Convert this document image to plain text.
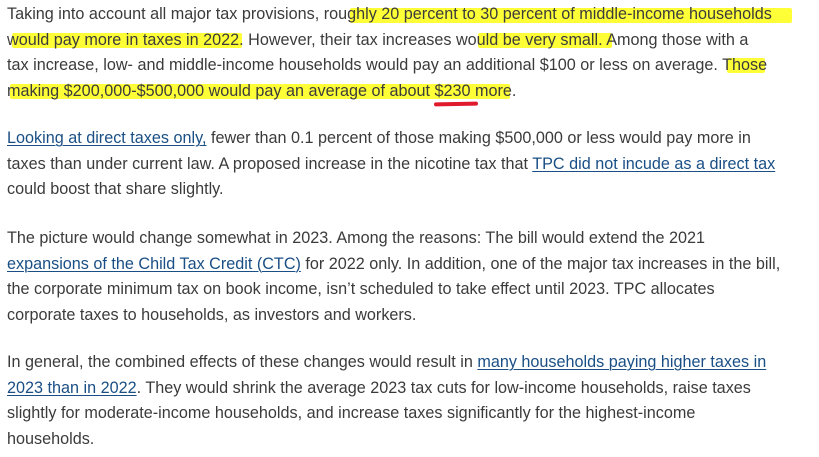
Taking into account all major tax provisions, roughly 20 percent to 30 percent of middle-income households
would pay more in taxes in 2022. However, their tax increases would be very small. Among those with a
tax increase, low- and middle-income households would pay an additional $100 or less on average. Those
making $200,000-$500,000 would pay an average of about $230 more.
Looking at direct taxes only, fewer than 0.1 percent of those making $500,000 or less would pay more in
taxes than under current law. A proposed increase in the nicotine tax that TPC did not incude as a direct tax
could boost that share slightly.
The picture would change somewhat in 2023. Among the reasons: The bill would extend the 2021
expansions of the Child Tax Credit (CTC) for 2022 only. In addition, one of the major tax increases in the bill,
the corporate minimum tax on book income, isn’t scheduled to take effect until 2023. TPC allocates
corporate taxes to households, as investors and workers.
In general, the combined effects of these changes would result in many households paying higher taxes in
2023 than in 2022. They would shrink the average 2023 tax cuts for low-income households, raise taxes
slightly for moderate-income households, and increase taxes significantly for the highest-income
households.
